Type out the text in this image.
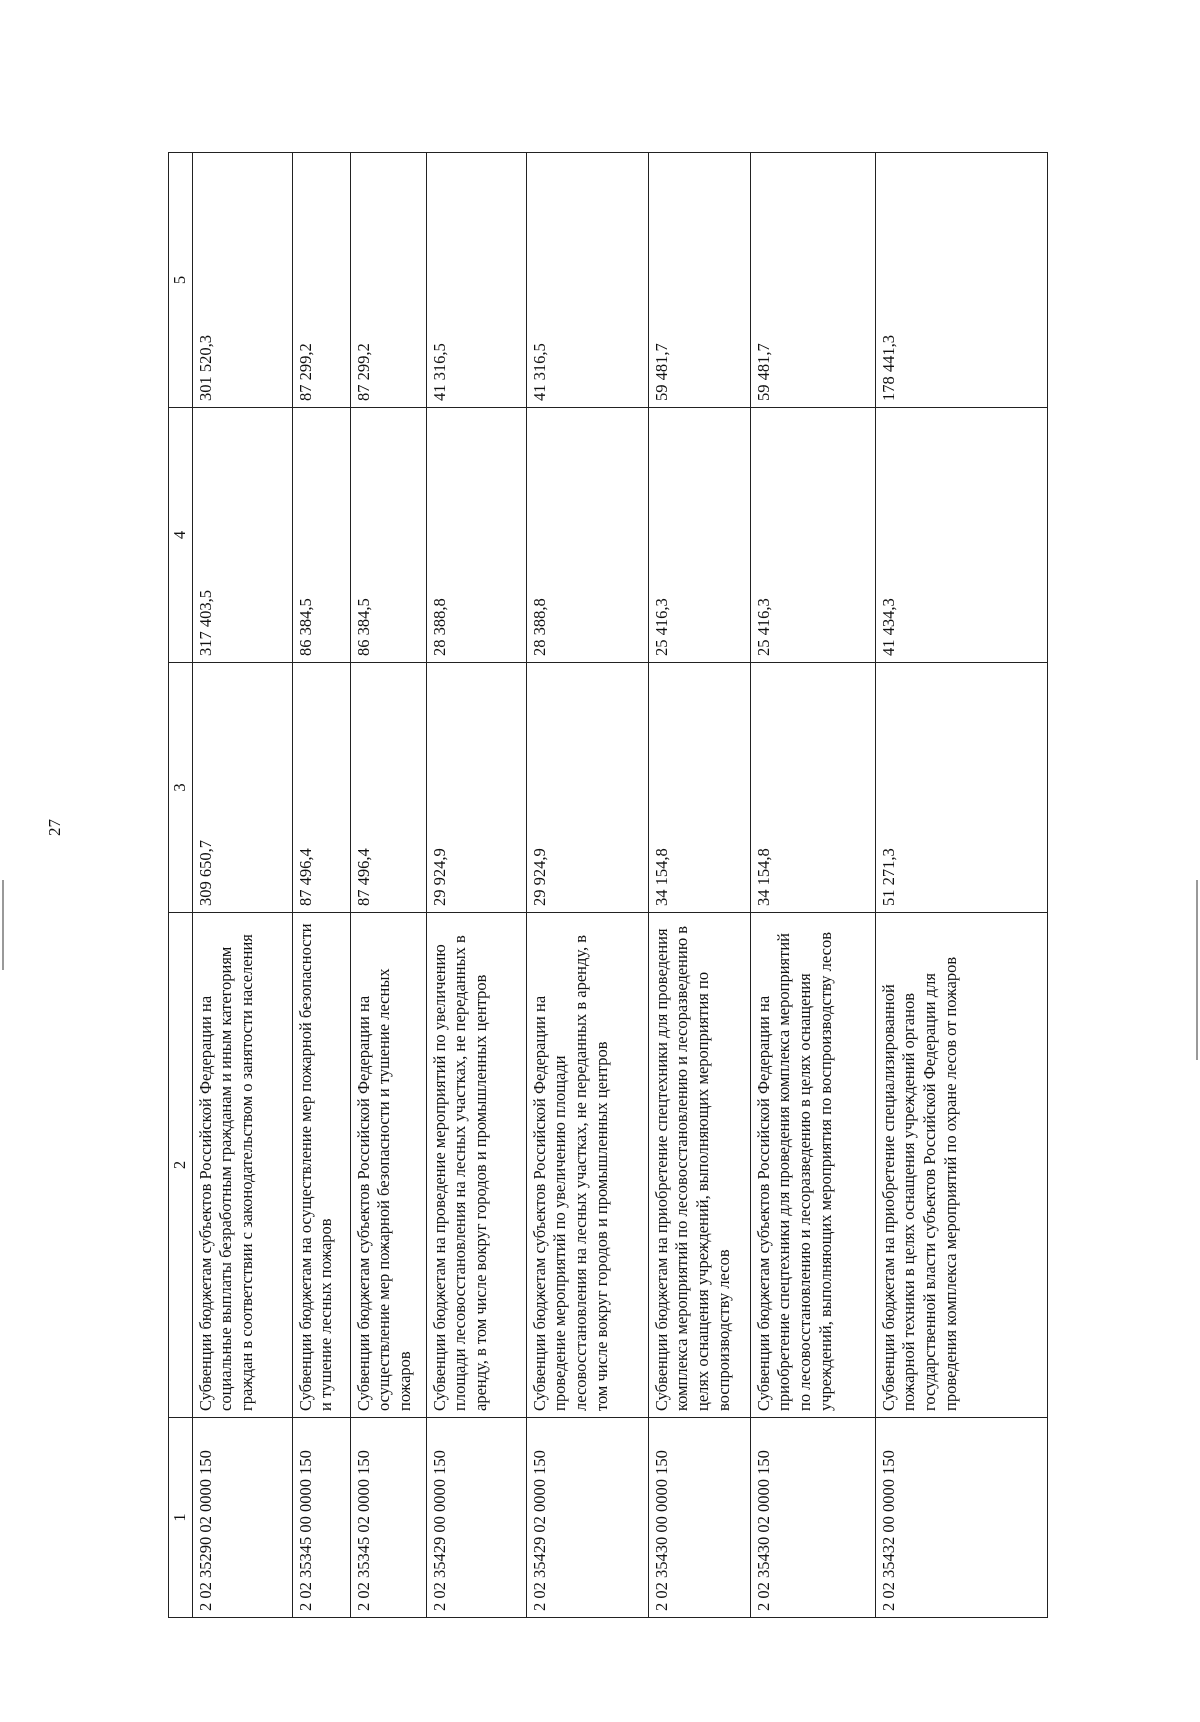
27
1	2	3	4	5
2 02 35290 02 0000 150	Субвенции бюджетам субъектов Российской Федерации на социальные выплаты безработным гражданам и иным категориям граждан в соответствии с законодательством о занятости населения	309 650,7	317 403,5	301 520,3
2 02 35345 00 0000 150	Субвенции бюджетам на осуществление мер пожарной безопасности и тушение лесных пожаров	87 496,4	86 384,5	87 299,2
2 02 35345 02 0000 150	Субвенции бюджетам субъектов Российской Федерации на осуществление мер пожарной безопасности и тушение лесных пожаров	87 496,4	86 384,5	87 299,2
2 02 35429 00 0000 150	Субвенции бюджетам на проведение мероприятий по увеличению площади лесовосстановления на лесных участках, не переданных в аренду, в том числе вокруг городов и промышленных центров	29 924,9	28 388,8	41 316,5
2 02 35429 02 0000 150	Субвенции бюджетам субъектов Российской Федерации на проведение мероприятий по увеличению площади лесовосстановления на лесных участках, не переданных в аренду, в том числе вокруг городов и промышленных центров	29 924,9	28 388,8	41 316,5
2 02 35430 00 0000 150	Субвенции бюджетам на приобретение спецтехники для проведения комплекса мероприятий по лесовосстановлению и лесоразведению в целях оснащения учреждений, выполняющих мероприятия по воспроизводству лесов	34 154,8	25 416,3	59 481,7
2 02 35430 02 0000 150	Субвенции бюджетам субъектов Российской Федерации на приобретение спецтехники для проведения комплекса мероприятий по лесовосстановлению и лесоразведению в целях оснащения учреждений, выполняющих мероприятия по воспроизводству лесов	34 154,8	25 416,3	59 481,7
2 02 35432 00 0000 150	Субвенции бюджетам на приобретение специализированной пожарной техники в целях оснащения учреждений органов государственной власти субъектов Российской Федерации для проведения комплекса мероприятий по охране лесов от пожаров	51 271,3	41 434,3	178 441,3
